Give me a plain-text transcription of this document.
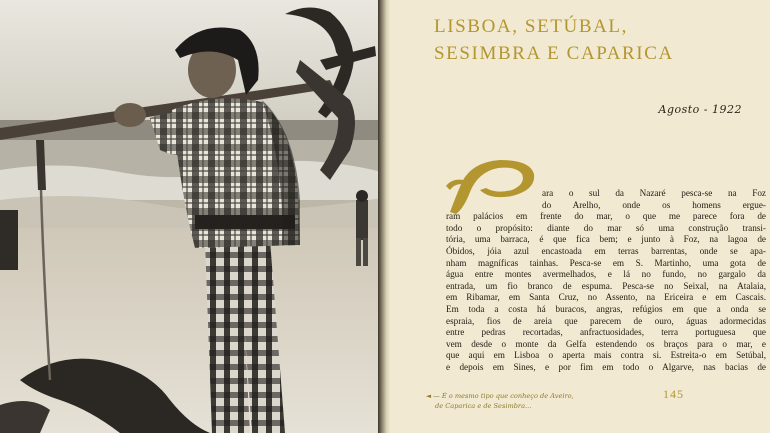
LISBOA, SETÚBAL,
SESIMBRA E CAPARICA
Agosto - 1922
P	ara o sul da Nazaré pesca-se na Foz
do Arelho, onde os homens ergue-
ram palácios em frente do mar, o que me parece fora de
todo o propósito: diante do mar só uma construção transi-
tória, uma barraca, é que fica bem; e junto à Foz, na lagoa de
Óbidos, jóia azul encastoada em terras barrentas, onde se apa-
nham magníficas tainhas. Pesca-se em S. Martinho, uma gota de
água entre montes avermelhados, e lá no fundo, no gargalo da
entrada, um fio branco de espuma. Pesca-se no Seixal, na Atalaia,
em Ribamar, em Santa Cruz, no Assento, na Ericeira e em Cascais.
Em toda a costa há buracos, angras, refúgios em que a onda se
espraia, fios de areia que parecem de ouro, águas adormecidas
entre pedras recortadas, anfractuosidades, terra portuguesa que
vem desde o monte da Gelfa estendendo os braços para o mar, e
que aqui em Lisboa o aperta mais contra si. Estreita-o em Setúbal,
e depois em Sines, e por fim em todo o Algarve, nas bacias de

◄ — É o mesmo tipo que conheço de Aveiro,
de Caparica e de Sesimbra...
145
